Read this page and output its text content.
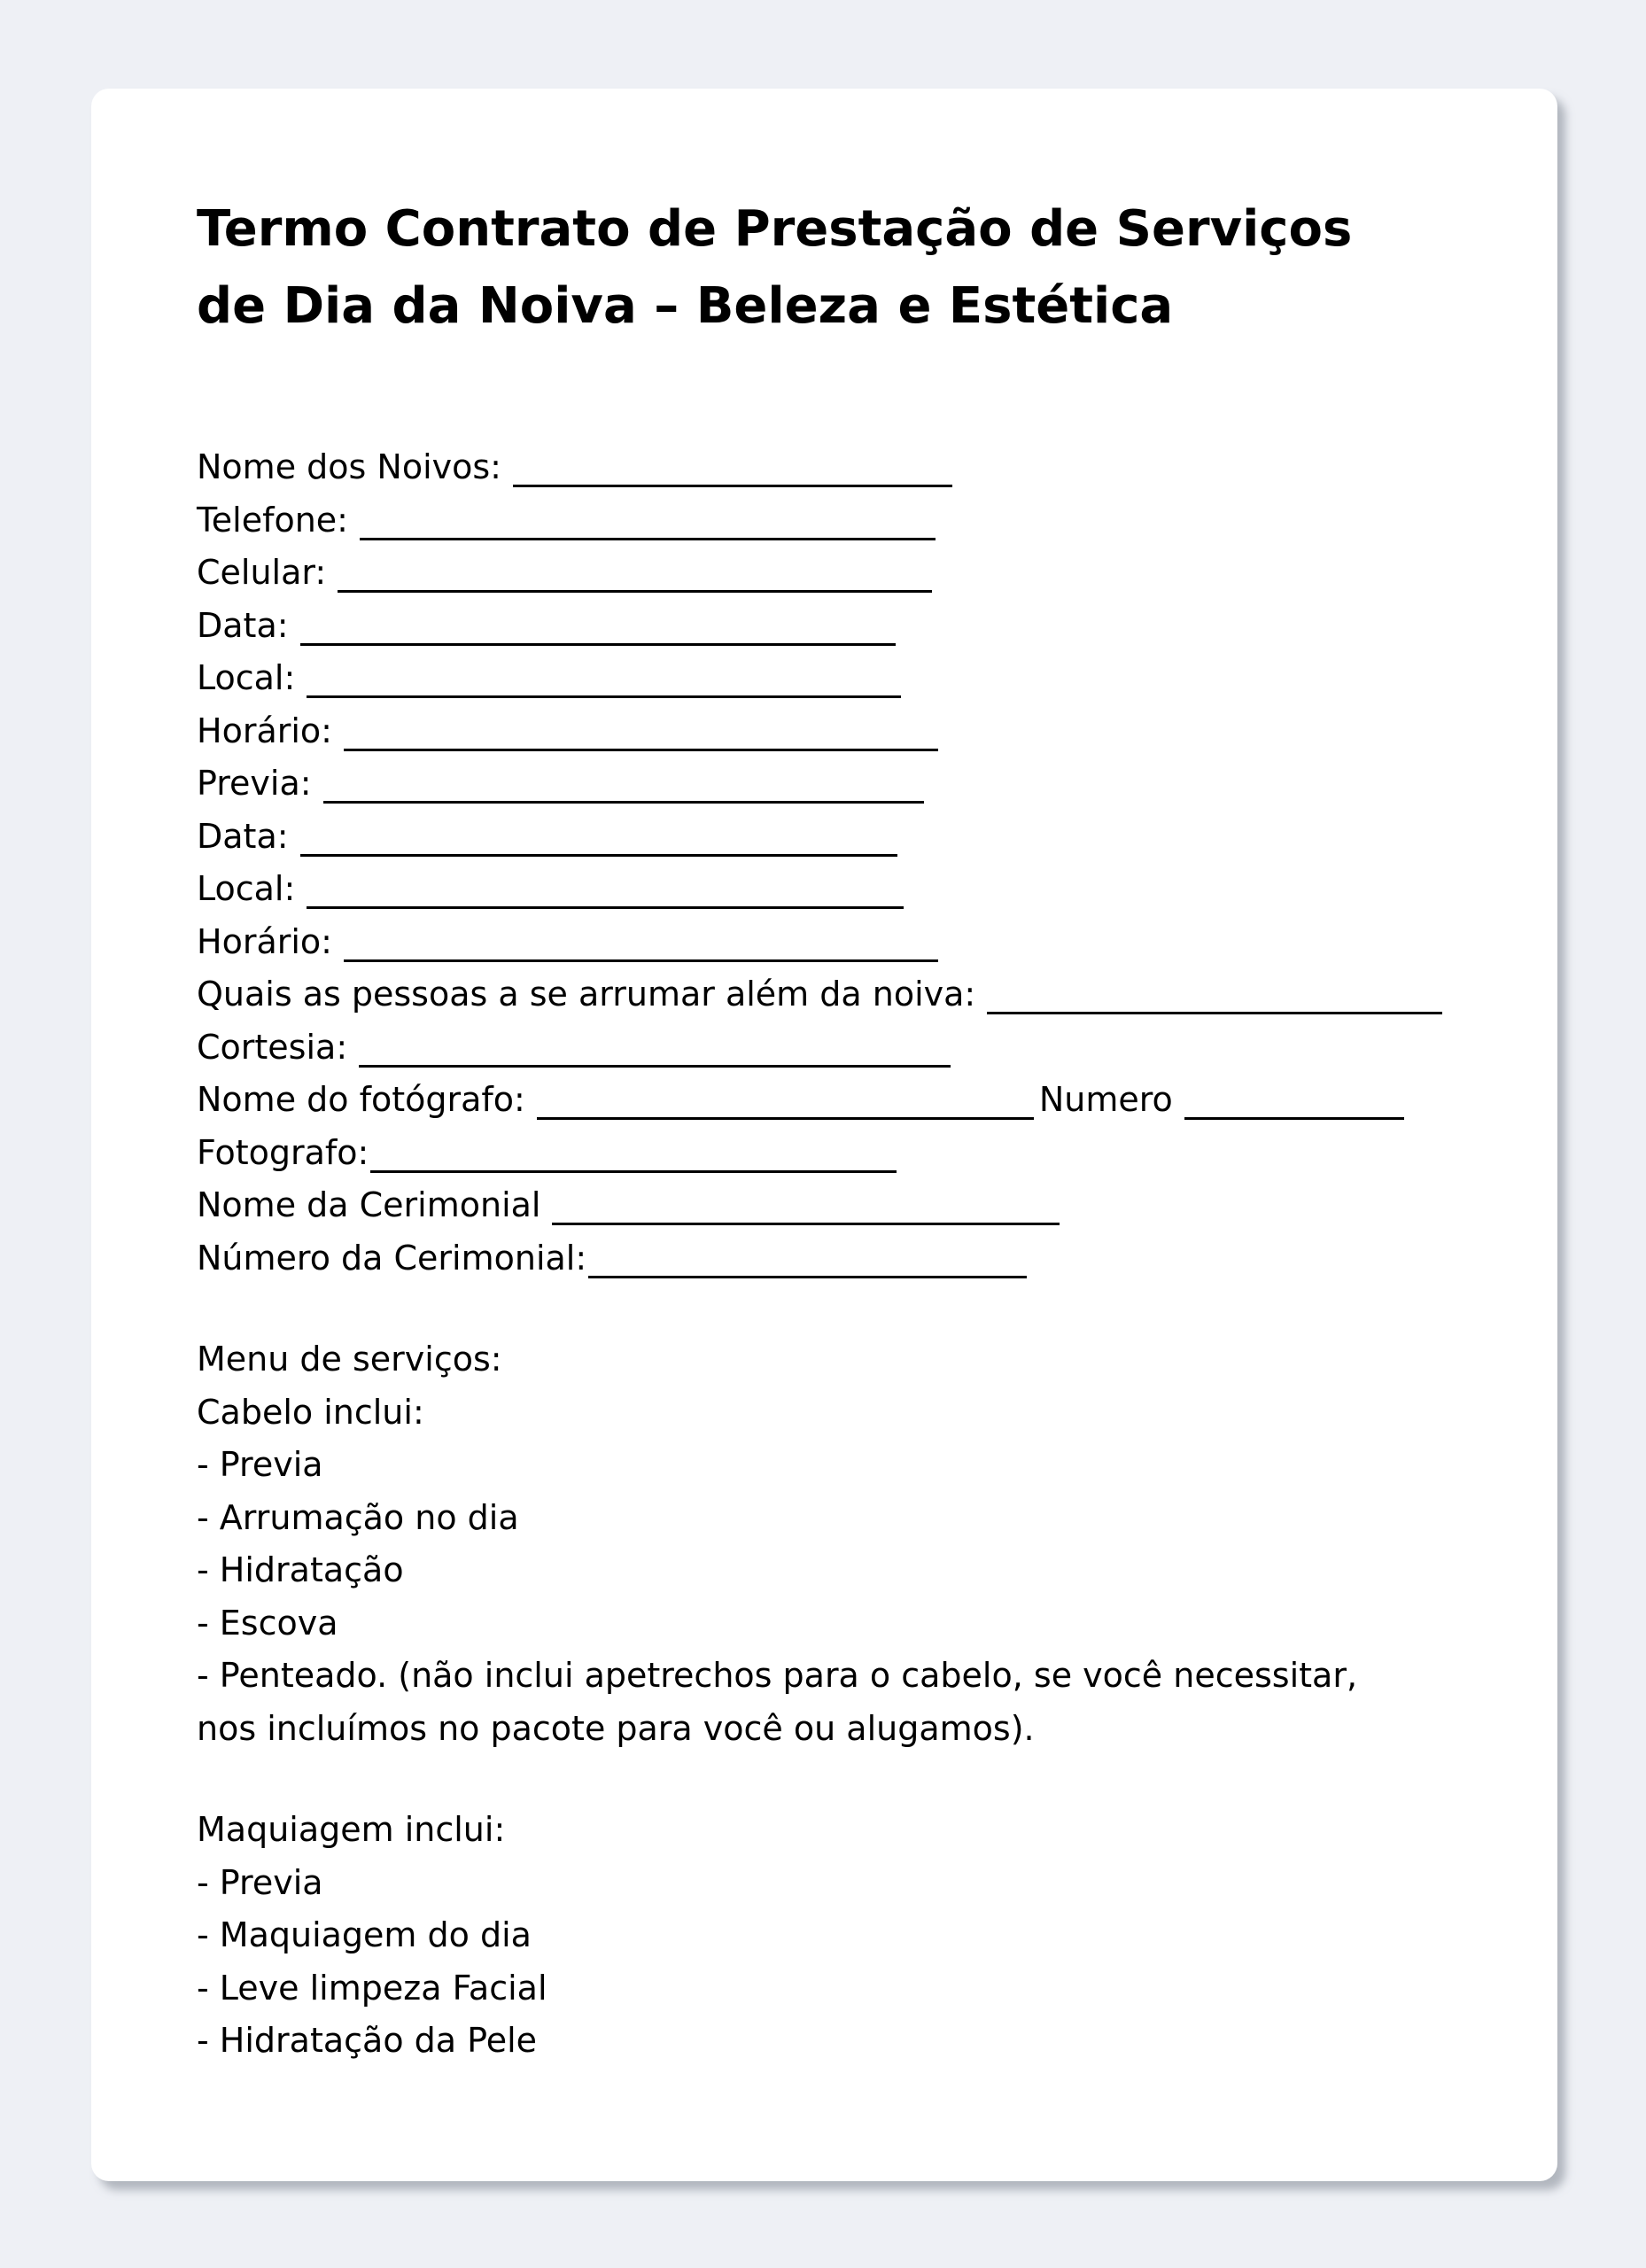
Termo Contrato de Prestação de Serviços
de Dia da Noiva – Beleza e Estética
Nome dos Noivos:
Telefone:
Celular:
Data:
Local:
Horário:
Previa:
Data:
Local:
Horário:
Quais as pessoas a se arrumar além da noiva:
Cortesia:
Nome do fotógrafo:	Numero
Fotografo:
Nome da Cerimonial
Número da Cerimonial:
Menu de serviços:
Cabelo inclui:
- Previa
- Arrumação no dia
- Hidratação
- Escova
- Penteado. (não inclui apetrechos para o cabelo, se você necessitar,
nos incluímos no pacote para você ou alugamos).
Maquiagem inclui:
- Previa
- Maquiagem do dia
- Leve limpeza Facial
- Hidratação da Pele
